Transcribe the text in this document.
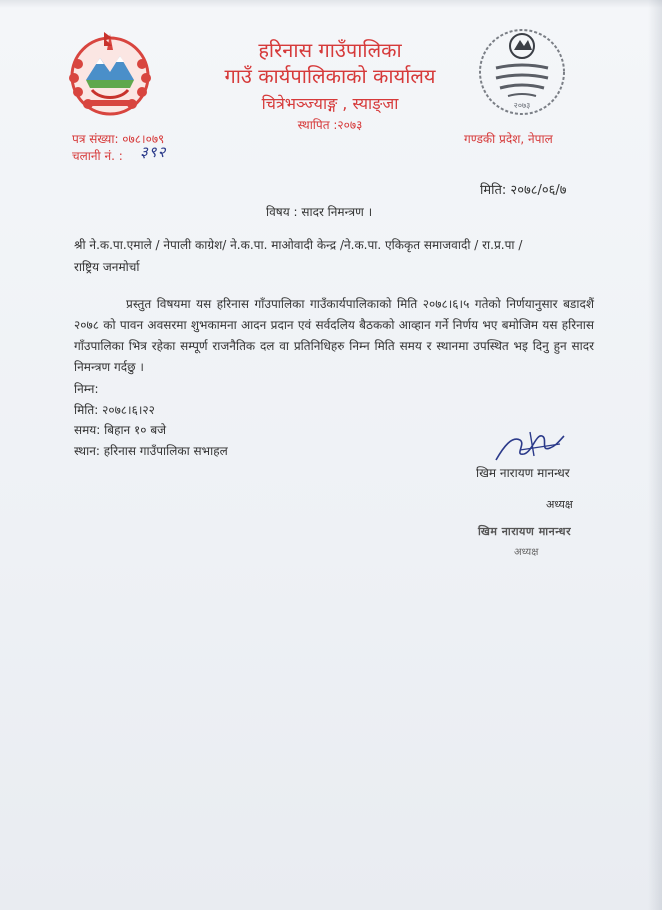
हरिनास गाउँपालिका
गाउँ कार्यपालिकाको कार्यालय
चित्रेभञ्ज्याङ्ग , स्याङ्जा
स्थापित :२०७३
२०७३
पत्र संख्या: ०७८।०७९
चलानी नं. : ३९२
गण्डकी प्रदेश, नेपाल
मिति: २०७८/०६/७
विषय : सादर निमन्त्रण ।
श्री ने.क.पा.एमाले / नेपाली काग्रेश/ ने.क.पा. माओवादी केन्द्र /ने.क.पा. एकिकृत समाजवादी / रा.प्र.पा /
राष्ट्रिय जनमोर्चा
प्रस्तुत विषयमा यस हरिनास गाँउपालिका गाउँकार्यपालिकाको मिति २०७८।६।५ गतेको निर्णयानुसार बडादशैं २०७८ को पावन अवसरमा शुभकामना आदन प्रदान एवं सर्वदलिय बैठकको आव्हान गर्ने निर्णय भए बमोजिम यस हरिनास गाँउपालिका भित्र रहेका सम्पूर्ण राजनैतिक दल वा प्रतिनिधिहरु निम्न मिति समय र स्थानमा उपस्थित भइ दिनु हुन सादर निमन्त्रण गर्दछु ।
निम्न:
मिति: २०७८।६।२२
समय: बिहान १० बजे
स्थान: हरिनास गाउँपालिका सभाहल
खिम नारायण मानन्धर
अध्यक्ष
खिम नारायण मानन्धर
अध्यक्ष
